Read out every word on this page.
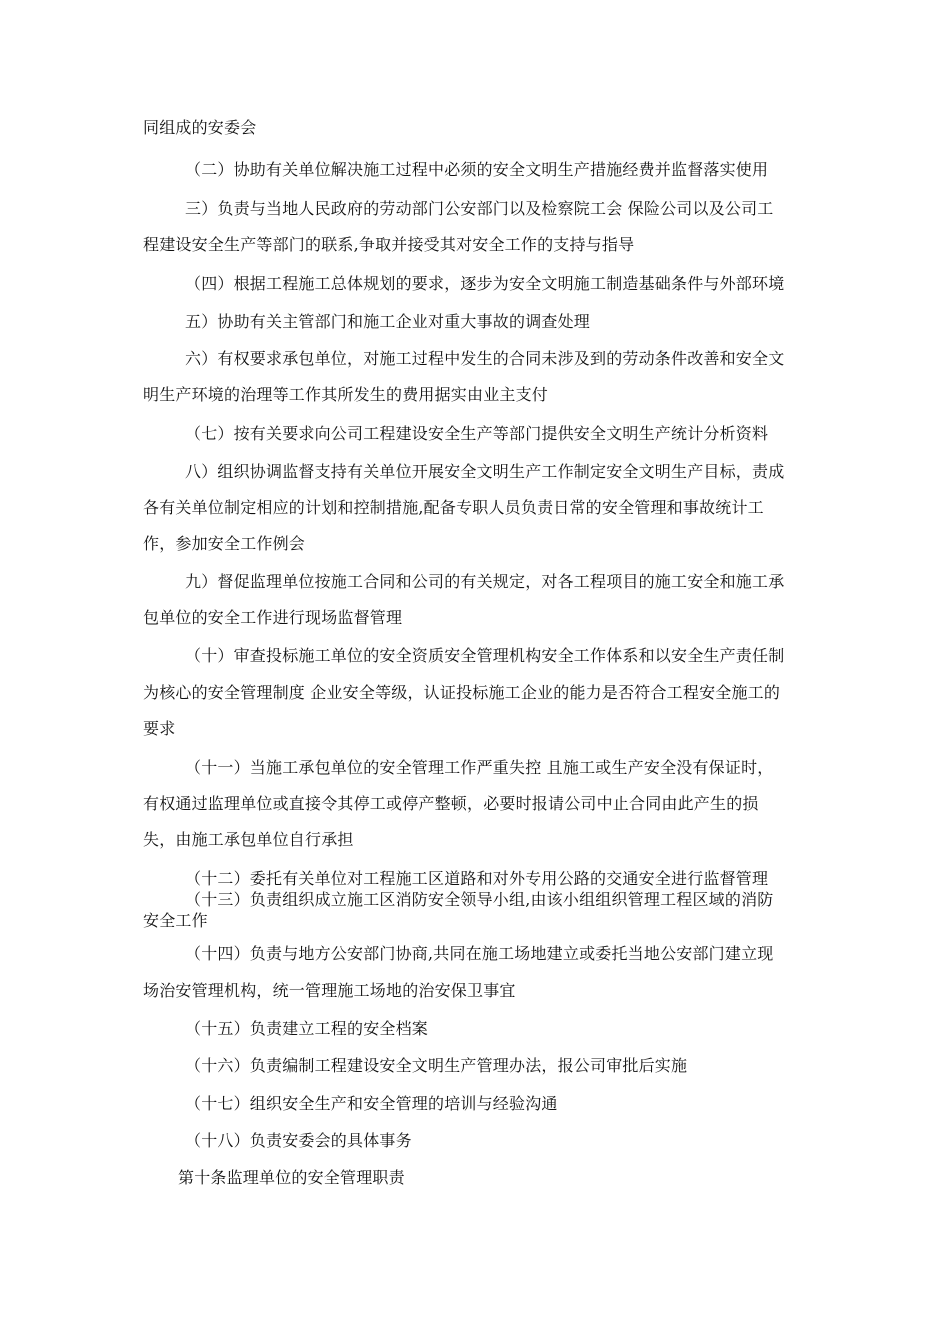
同组成的安委会
（二）协助有关单位解决施工过程中必须的安全文明生产措施经费并监督落实使用
三）负责与当地人民政府的劳动部门公安部门以及检察院工会 保险公司以及公司工
程建设安全生产等部门的联系,争取并接受其对安全工作的支持与指导
（四）根据工程施工总体规划的要求，逐步为安全文明施工制造基础条件与外部环境
五）协助有关主管部门和施工企业对重大事故的调查处理
六）有权要求承包单位，对施工过程中发生的合同未涉及到的劳动条件改善和安全文
明生产环境的治理等工作其所发生的费用据实由业主支付
（七）按有关要求向公司工程建设安全生产等部门提供安全文明生产统计分析资料
八）组织协调监督支持有关单位开展安全文明生产工作制定安全文明生产目标，责成
各有关单位制定相应的计划和控制措施,配备专职人员负责日常的安全管理和事故统计工
作，参加安全工作例会
九）督促监理单位按施工合同和公司的有关规定，对各工程项目的施工安全和施工承
包单位的安全工作进行现场监督管理
（十）审查投标施工单位的安全资质安全管理机构安全工作体系和以安全生产责任制
为核心的安全管理制度 企业安全等级，认证投标施工企业的能力是否符合工程安全施工的
要求
（十一）当施工承包单位的安全管理工作严重失控 且施工或生产安全没有保证时，
有权通过监理单位或直接令其停工或停产整顿，必要时报请公司中止合同由此产生的损
失，由施工承包单位自行承担
（十二）委托有关单位对工程施工区道路和对外专用公路的交通安全进行监督管理
（十三）负责组织成立施工区消防安全领导小组,由该小组组织管理工程区域的消防
安全工作
（十四）负责与地方公安部门协商,共同在施工场地建立或委托当地公安部门建立现
场治安管理机构，统一管理施工场地的治安保卫事宜
（十五）负责建立工程的安全档案
（十六）负责编制工程建设安全文明生产管理办法，报公司审批后实施
（十七）组织安全生产和安全管理的培训与经验沟通
（十八）负责安委会的具体事务
第十条监理单位的安全管理职责
